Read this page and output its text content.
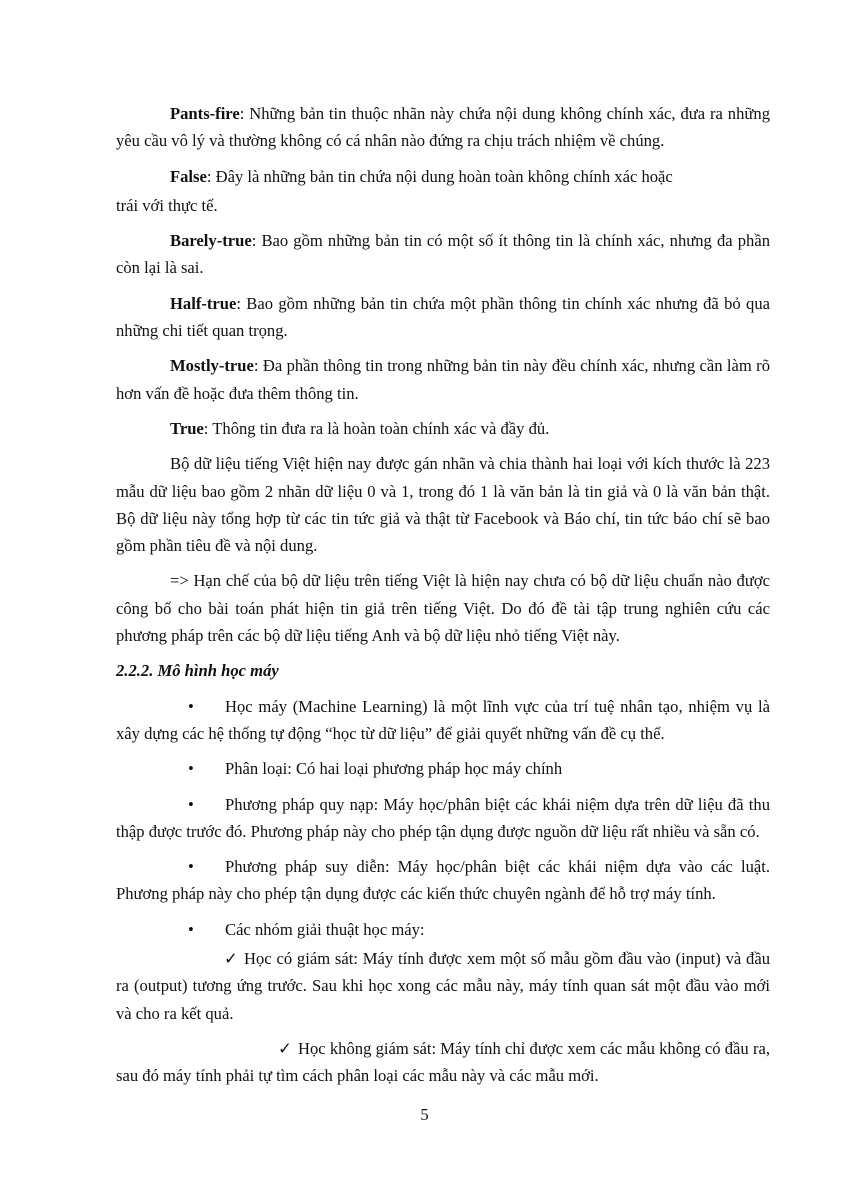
Pants-fire: Những bản tin thuộc nhãn này chứa nội dung không chính xác, đưa ra những yêu cầu vô lý và thường không có cá nhân nào đứng ra chịu trách nhiệm về chúng.

False: Đây là những bản tin chứa nội dung hoàn toàn không chính xác hoặc

trái với thực tế.

Barely-true: Bao gồm những bản tin có một số ít thông tin là chính xác, nhưng đa phần còn lại là sai.

Half-true: Bao gồm những bản tin chứa một phần thông tin chính xác nhưng đã bỏ qua những chi tiết quan trọng.

Mostly-true: Đa phần thông tin trong những bản tin này đều chính xác, nhưng cần làm rõ hơn vấn đề hoặc đưa thêm thông tin.

True: Thông tin đưa ra là hoàn toàn chính xác và đầy đủ.

Bộ dữ liệu tiếng Việt hiện nay được gán nhãn và chia thành hai loại với kích thước là 223 mẫu dữ liệu bao gồm 2 nhãn dữ liệu 0 và 1, trong đó 1 là văn bản là tin giả và 0 là văn bản thật. Bộ dữ liệu này tổng hợp từ các tin tức giả và thật từ Facebook và Báo chí, tin tức báo chí sẽ bao gồm phần tiêu đề và nội dung.

=> Hạn chế của bộ dữ liệu trên tiếng Việt là hiện nay chưa có bộ dữ liệu chuẩn nào được công bố cho bài toán phát hiện tin giả trên tiếng Việt. Do đó đề tài tập trung nghiên cứu các phương pháp trên các bộ dữ liệu tiếng Anh và bộ dữ liệu nhỏ tiếng Việt này.

2.2.2. Mô hình học máy

• Học máy (Machine Learning) là một lĩnh vực của trí tuệ nhân tạo, nhiệm vụ là xây dựng các hệ thống tự động “học từ dữ liệu” để giải quyết những vấn đề cụ thể.

• Phân loại: Có hai loại phương pháp học máy chính

• Phương pháp quy nạp: Máy học/phân biệt các khái niệm dựa trên dữ liệu đã thu thập được trước đó. Phương pháp này cho phép tận dụng được nguồn dữ liệu rất nhiều và sẵn có.

• Phương pháp suy diễn: Máy học/phân biệt các khái niệm dựa vào các luật. Phương pháp này cho phép tận dụng được các kiến thức chuyên ngành để hỗ trợ máy tính.

• Các nhóm giải thuật học máy:

✓ Học có giám sát: Máy tính được xem một số mẫu gồm đầu vào (input) và đầu ra (output) tương ứng trước. Sau khi học xong các mẫu này, máy tính quan sát một đầu vào mới và cho ra kết quả.

✓ Học không giám sát: Máy tính chỉ được xem các mẫu không có đầu ra, sau đó máy tính phải tự tìm cách phân loại các mẫu này và các mẫu mới.

5
